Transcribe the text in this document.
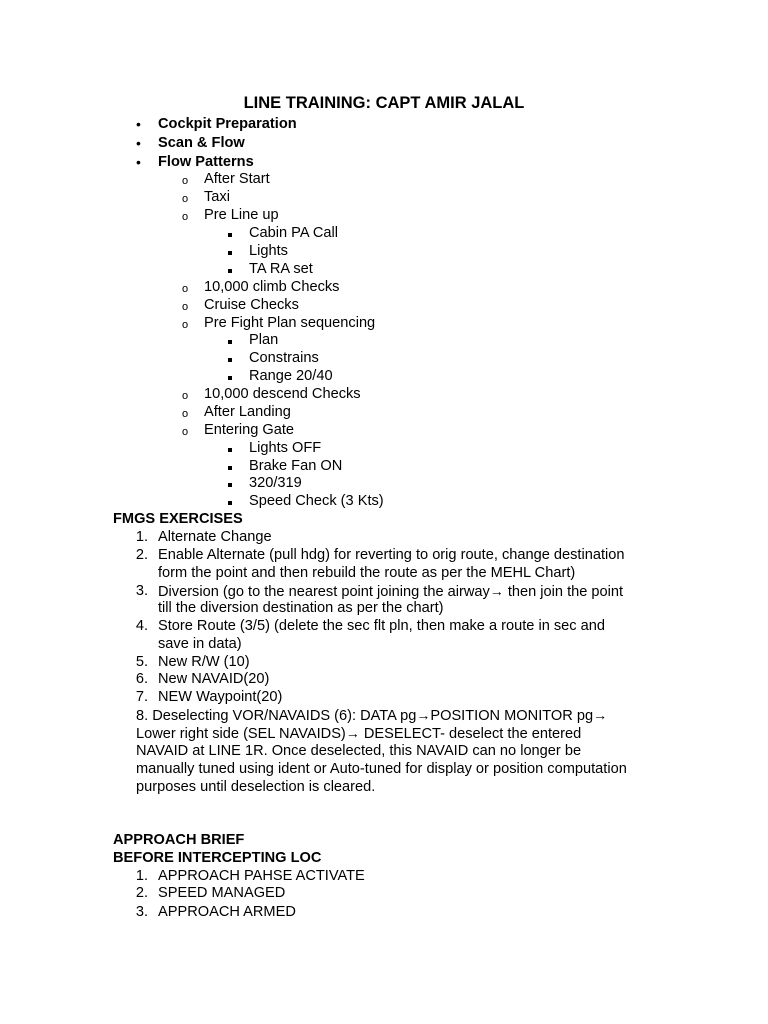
LINE TRAINING: CAPT AMIR JALAL
• Cockpit Preparation
• Scan & Flow
• Flow Patterns
o After Start
o Taxi
o Pre Line up
Cabin PA Call
Lights
TA RA set
o 10,000 climb Checks
o Cruise Checks
o Pre Fight Plan sequencing
Plan
Constrains
Range 20/40
o 10,000 descend Checks
o After Landing
o Entering Gate
Lights OFF
Brake Fan ON
320/319
Speed Check (3 Kts)
FMGS EXERCISES
1. Alternate Change
2. Enable Alternate (pull hdg) for reverting to orig route, change destination
form the point and then rebuild the route as per the MEHL Chart)
3. Diversion (go to the nearest point joining the airway→ then join the point
till the diversion destination as per the chart)
4. Store Route (3/5) (delete the sec flt pln, then make a route in sec and
save in data)
5. New R/W (10)
6. New NAVAID(20)
7. NEW Waypoint(20)
8. Deselecting VOR/NAVAIDS (6): DATA pg→POSITION MONITOR pg→
Lower right side (SEL NAVAIDS)→ DESELECT- deselect the entered
NAVAID at LINE 1R. Once deselected, this NAVAID can no longer be
manually tuned using ident or Auto-tuned for display or position computation
purposes until deselection is cleared.
APPROACH BRIEF
BEFORE INTERCEPTING LOC
1. APPROACH PAHSE ACTIVATE
2. SPEED MANAGED
3. APPROACH ARMED
